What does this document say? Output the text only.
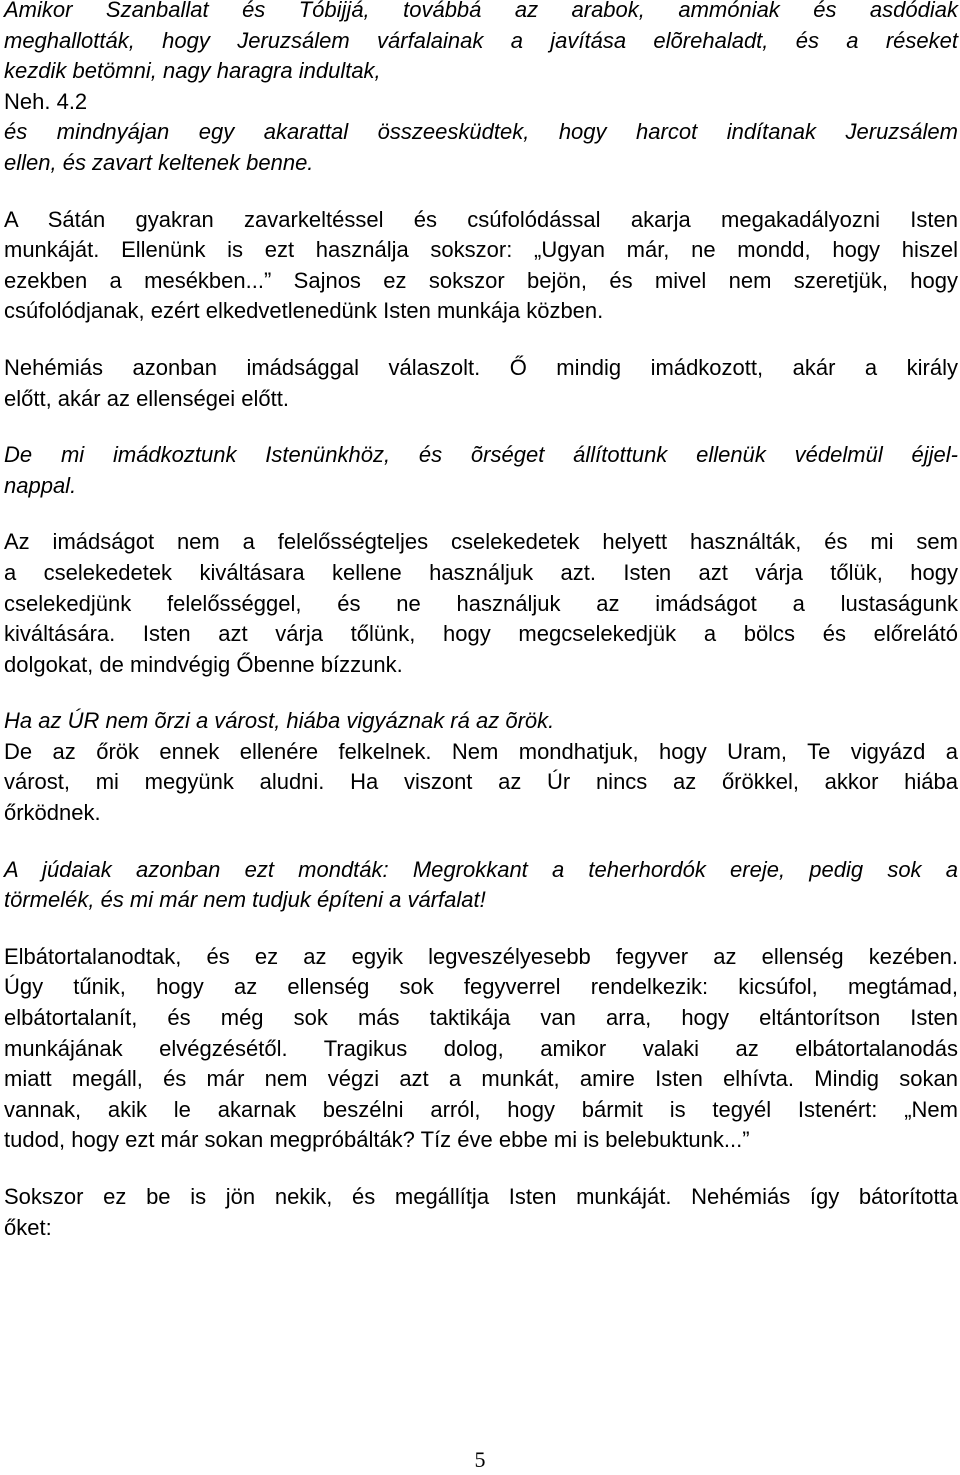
Amikor Szanballat és Tóbijjá, továbbá az arabok, ammóniak és asdódiak
meghallották, hogy Jeruzsálem várfalainak a javítása elõrehaladt, és a réseket
kezdik betömni, nagy haragra indultak,
Neh. 4.2
és mindnyájan egy akarattal összeesküdtek, hogy harcot indítanak Jeruzsálem
ellen, és zavart keltenek benne.
A Sátán gyakran zavarkeltéssel és csúfolódással akarja megakadályozni Isten
munkáját. Ellenünk is ezt használja sokszor: „Ugyan már, ne mondd, hogy hiszel
ezekben a mesékben...” Sajnos ez sokszor bejön, és mivel nem szeretjük, hogy
csúfolódjanak, ezért elkedvetlenedünk Isten munkája közben.
Nehémiás azonban imádsággal válaszolt. Ő mindig imádkozott, akár a király
előtt, akár az ellenségei előtt.
De mi imádkoztunk Istenünkhöz, és õrséget állítottunk ellenük védelmül éjjel-
nappal.
Az imádságot nem a felelősségteljes cselekedetek helyett használták, és mi sem
a cselekedetek kiváltásara kellene használjuk azt. Isten azt várja tőlük, hogy
cselekedjünk felelősséggel, és ne használjuk az imádságot a lustaságunk
kiváltására. Isten azt várja tőlünk, hogy megcselekedjük a bölcs és előrelátó
dolgokat, de mindvégig Őbenne bízzunk.
Ha az ÚR nem õrzi a várost, hiába vigyáznak rá az õrök.
De az őrök ennek ellenére felkelnek. Nem mondhatjuk, hogy Uram, Te vigyázd a
várost, mi megyünk aludni. Ha viszont az Úr nincs az őrökkel, akkor hiába
őrködnek.
A júdaiak azonban ezt mondták: Megrokkant a teherhordók ereje, pedig sok a
törmelék, és mi már nem tudjuk építeni a várfalat!
Elbátortalanodtak, és ez az egyik legveszélyesebb fegyver az ellenség kezében.
Úgy tűnik, hogy az ellenség sok fegyverrel rendelkezik: kicsúfol, megtámad,
elbátortalanít, és még sok más taktikája van arra, hogy eltántorítson Isten
munkájának elvégzésétől. Tragikus dolog, amikor valaki az elbátortalanodás
miatt megáll, és már nem végzi azt a munkát, amire Isten elhívta. Mindig sokan
vannak, akik le akarnak beszélni arról, hogy bármit is tegyél Istenért: „Nem
tudod, hogy ezt már sokan megpróbálták? Tíz éve ebbe mi is belebuktunk...”
Sokszor ez be is jön nekik, és megállítja Isten munkáját. Nehémiás így bátorította
őket:
5
